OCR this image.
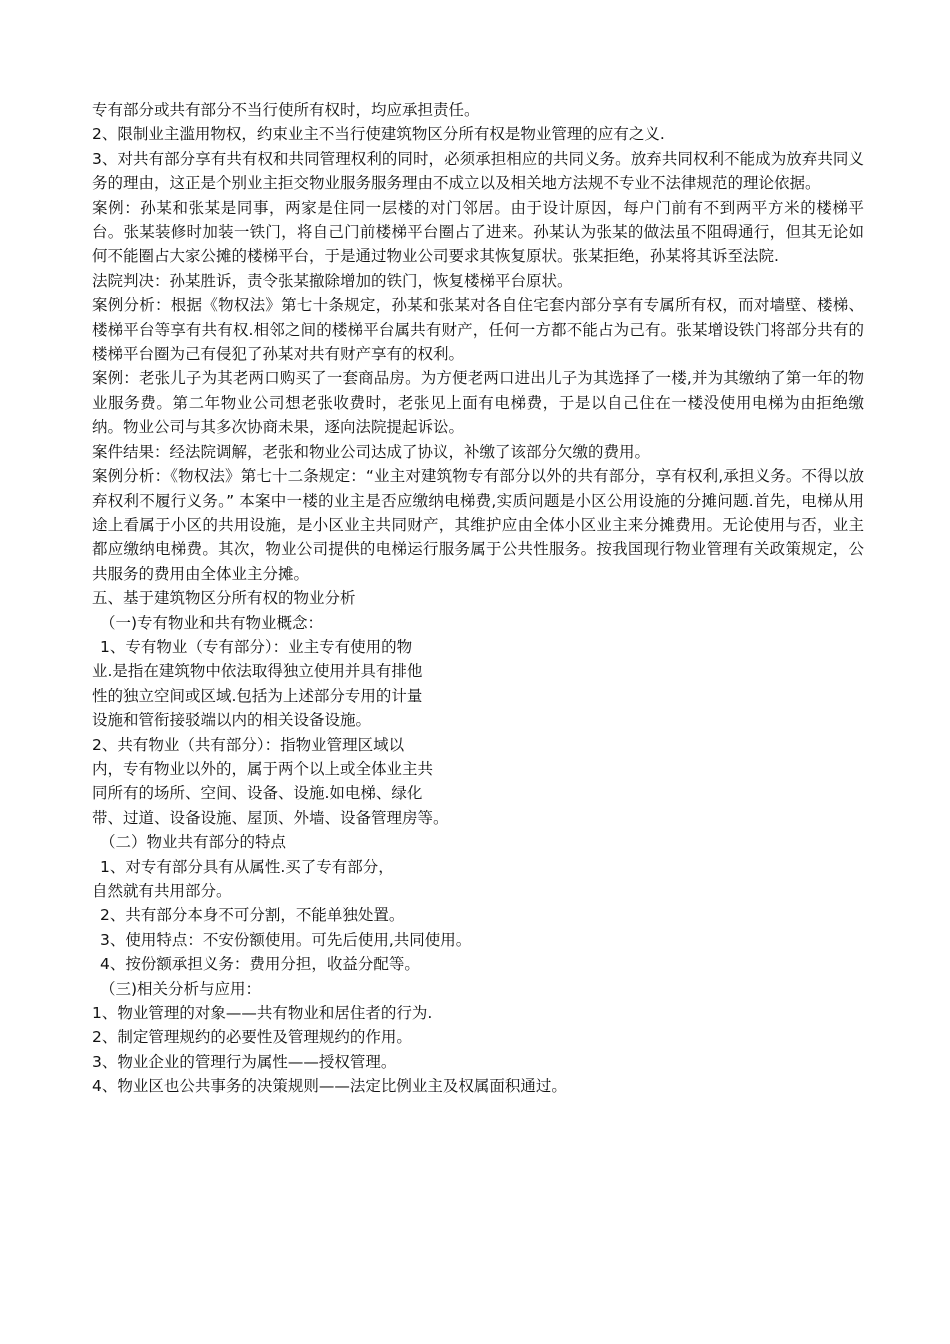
专有部分或共有部分不当行使所有权时，均应承担责任。

2、限制业主滥用物权，约束业主不当行使建筑物区分所有权是物业管理的应有之义.

3、对共有部分享有共有权和共同管理权利的同时，必须承担相应的共同义务。放弃共同权利不能成为放弃共同义务的理由，这正是个别业主拒交物业服务服务理由不成立以及相关地方法规不专业不法律规范的理论依据。

案例：孙某和张某是同事，两家是住同一层楼的对门邻居。由于设计原因，每户门前有不到两平方米的楼梯平台。张某装修时加装一铁门，将自己门前楼梯平台圈占了进来。孙某认为张某的做法虽不阻碍通行，但其无论如何不能圈占大家公摊的楼梯平台，于是通过物业公司要求其恢复原状。张某拒绝，孙某将其诉至法院.

法院判决：孙某胜诉，责令张某撤除增加的铁门，恢复楼梯平台原状。

案例分析：根据《物权法》第七十条规定，孙某和张某对各自住宅套内部分享有专属所有权，而对墙壁、楼梯、楼梯平台等享有共有权.相邻之间的楼梯平台属共有财产，任何一方都不能占为己有。张某增设铁门将部分共有的楼梯平台圈为己有侵犯了孙某对共有财产享有的权利。

案例：老张儿子为其老两口购买了一套商品房。为方便老两口进出儿子为其选择了一楼,并为其缴纳了第一年的物业服务费。第二年物业公司想老张收费时，老张见上面有电梯费，于是以自己住在一楼没使用电梯为由拒绝缴纳。物业公司与其多次协商未果，逐向法院提起诉讼。

案件结果：经法院调解，老张和物业公司达成了协议，补缴了该部分欠缴的费用。

案例分析：《物权法》第七十二条规定：“业主对建筑物专有部分以外的共有部分，享有权利,承担义务。不得以放弃权利不履行义务。” 本案中一楼的业主是否应缴纳电梯费,实质问题是小区公用设施的分摊问题.首先，电梯从用途上看属于小区的共用设施，是小区业主共同财产，其维护应由全体小区业主来分摊费用。无论使用与否，业主都应缴纳电梯费。其次，物业公司提供的电梯运行服务属于公共性服务。按我国现行物业管理有关政策规定，公共服务的费用由全体业主分摊。

五、基于建筑物区分所有权的物业分析

（一)专有物业和共有物业概念：

1、专有物业（专有部分）：业主专有使用的物

业.是指在建筑物中依法取得独立使用并具有排他

性的独立空间或区域.包括为上述部分专用的计量

设施和管衔接驳端以内的相关设备设施。

2、共有物业（共有部分）：指物业管理区域以

内，专有物业以外的，属于两个以上或全体业主共

同所有的场所、空间、设备、设施.如电梯、绿化

带、过道、设备设施、屋顶、外墙、设备管理房等。

（二）物业共有部分的特点

1、对专有部分具有从属性.买了专有部分，

自然就有共用部分。

2、共有部分本身不可分割，不能单独处置。

3、使用特点：不安份额使用。可先后使用,共同使用。

4、按份额承担义务：费用分担，收益分配等。

（三)相关分析与应用：

1、物业管理的对象——共有物业和居住者的行为.

2、制定管理规约的必要性及管理规约的作用。

3、物业企业的管理行为属性——授权管理。

4、物业区也公共事务的决策规则——法定比例业主及权属面积通过。
